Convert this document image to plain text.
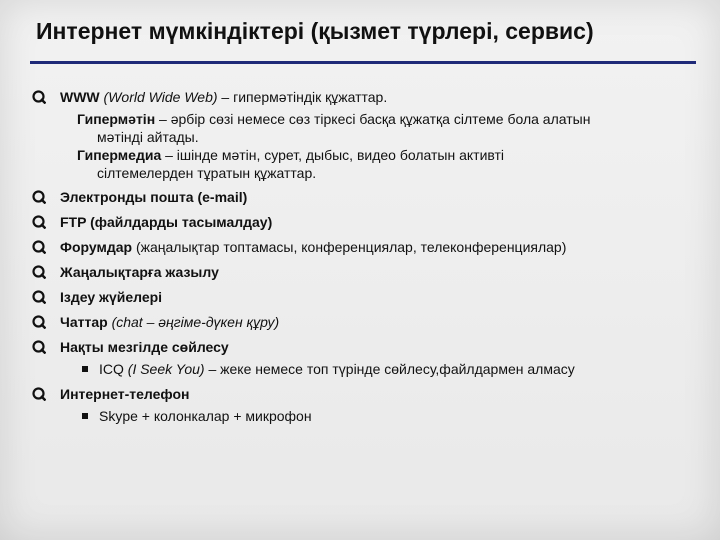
Интернет мүмкіндіктері (қызмет түрлері, сервис)
WWW (World Wide Web) – гипермәтіндік құжаттар.
Гипермәтін – әрбір сөзі немесе сөз тіркесі басқа құжатқа сілтеме бола алатын
мәтінді айтады.
Гипермедиа – ішінде мәтін, сурет, дыбыс, видео болатын активті
сілтемелерден тұратын құжаттар.
Электронды пошта (e-mail)
FTP (файлдарды тасымалдау)
Форумдар (жаңалықтар топтамасы, конференциялар, телеконференциялар)
Жаңалықтарға жазылу
Іздеу жүйелері
Чаттар (chat – әңгіме-дүкен құру)
Нақты мезгілде сөйлесу
ICQ (I Seek You) – жеке немесе топ түрінде сөйлесу,файлдармен алмасу
Интернет-телефон
Skype + колонкалар + микрофон
